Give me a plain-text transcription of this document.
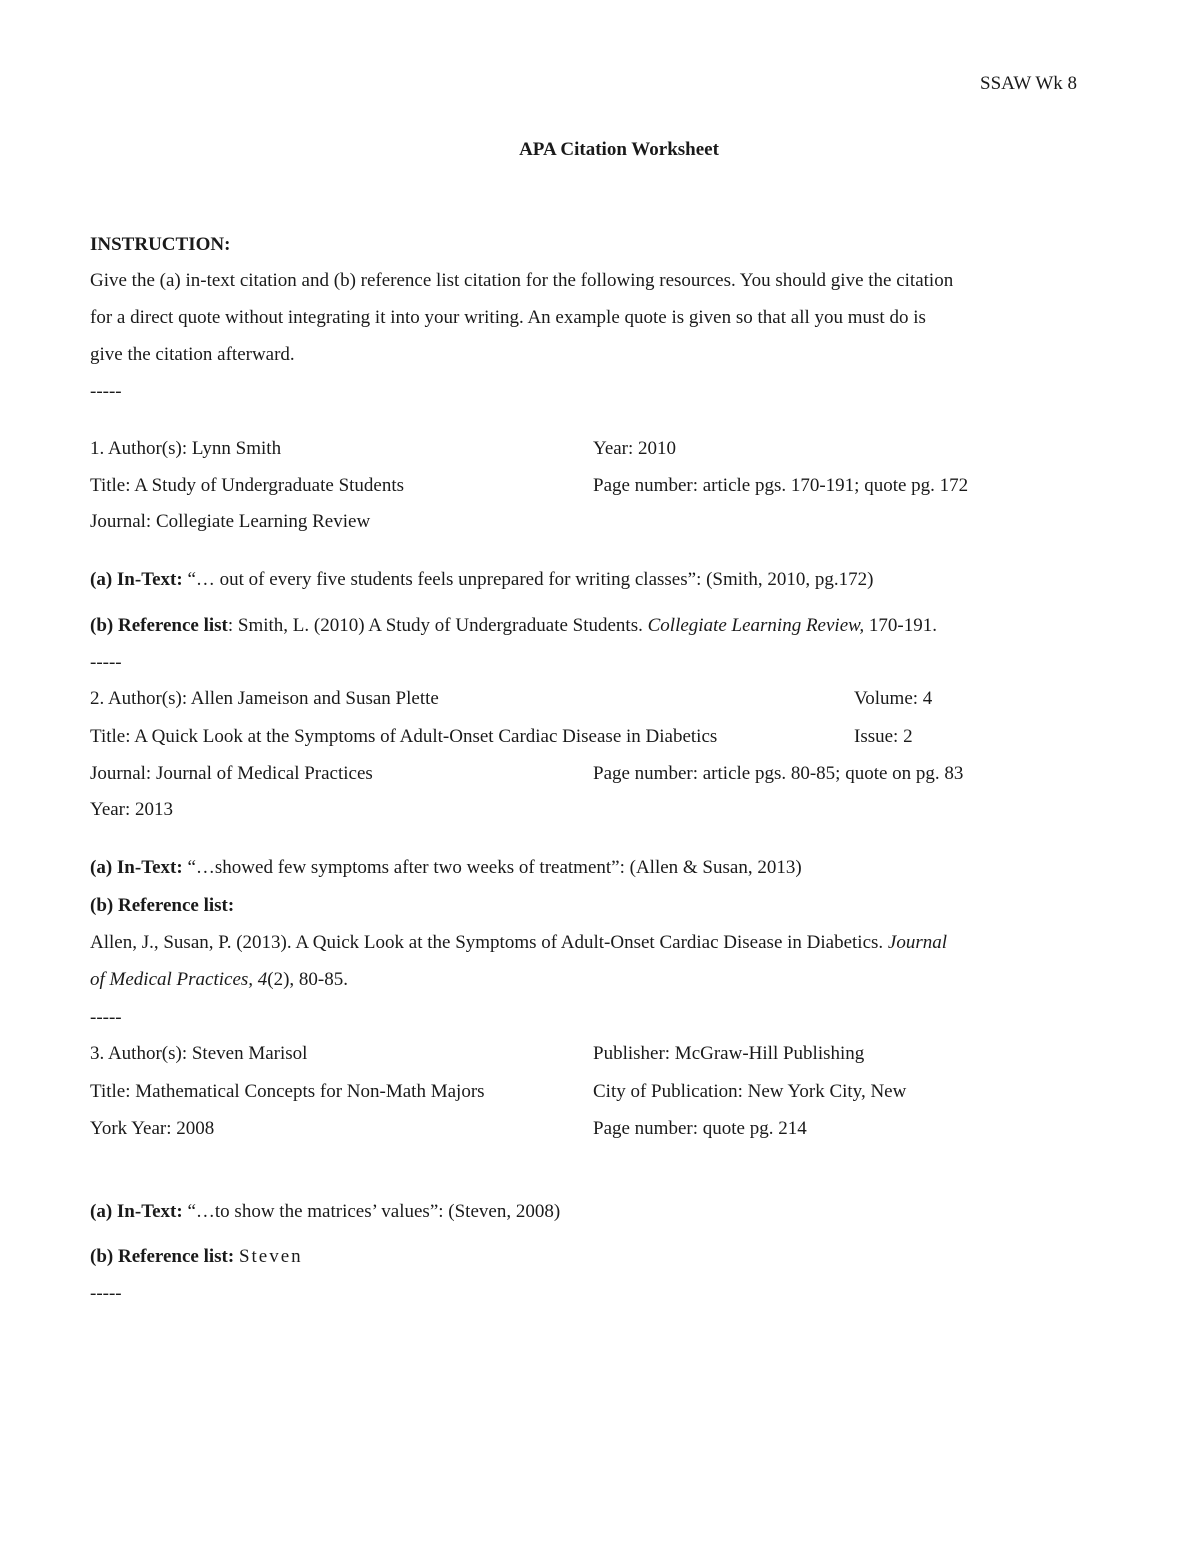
SSAW Wk 8
APA Citation Worksheet
INSTRUCTION:
Give the (a) in-text citation and (b) reference list citation for the following resources. You should give the citation
for a direct quote without integrating it into your writing. An example quote is given so that all you must do is
give the citation afterward.
-----
1. Author(s): Lynn Smith	Year: 2010
Title: A Study of Undergraduate Students	Page number: article pgs. 170-191; quote pg. 172
Journal: Collegiate Learning Review
(a) In-Text: “… out of every five students feels unprepared for writing classes”: (Smith, 2010, pg.172)
(b) Reference list: Smith, L. (2010) A Study of Undergraduate Students. Collegiate Learning Review, 170-191.
-----
2. Author(s): Allen Jameison and Susan Plette	Volume: 4
Title: A Quick Look at the Symptoms of Adult-Onset Cardiac Disease in Diabetics	Issue: 2
Journal: Journal of Medical Practices	Page number: article pgs. 80-85; quote on pg. 83
Year: 2013
(a) In-Text: “…showed few symptoms after two weeks of treatment”: (Allen & Susan, 2013)
(b) Reference list:
Allen, J., Susan, P. (2013). A Quick Look at the Symptoms of Adult-Onset Cardiac Disease in Diabetics. Journal
of Medical Practices, 4(2), 80-85.
-----
3. Author(s): Steven Marisol	Publisher: McGraw-Hill Publishing
Title: Mathematical Concepts for Non-Math Majors	City of Publication: New York City, New
York Year: 2008	Page number: quote pg. 214
(a) In-Text: “…to show the matrices’ values”: (Steven, 2008)
(b) Reference list: Steven
-----
